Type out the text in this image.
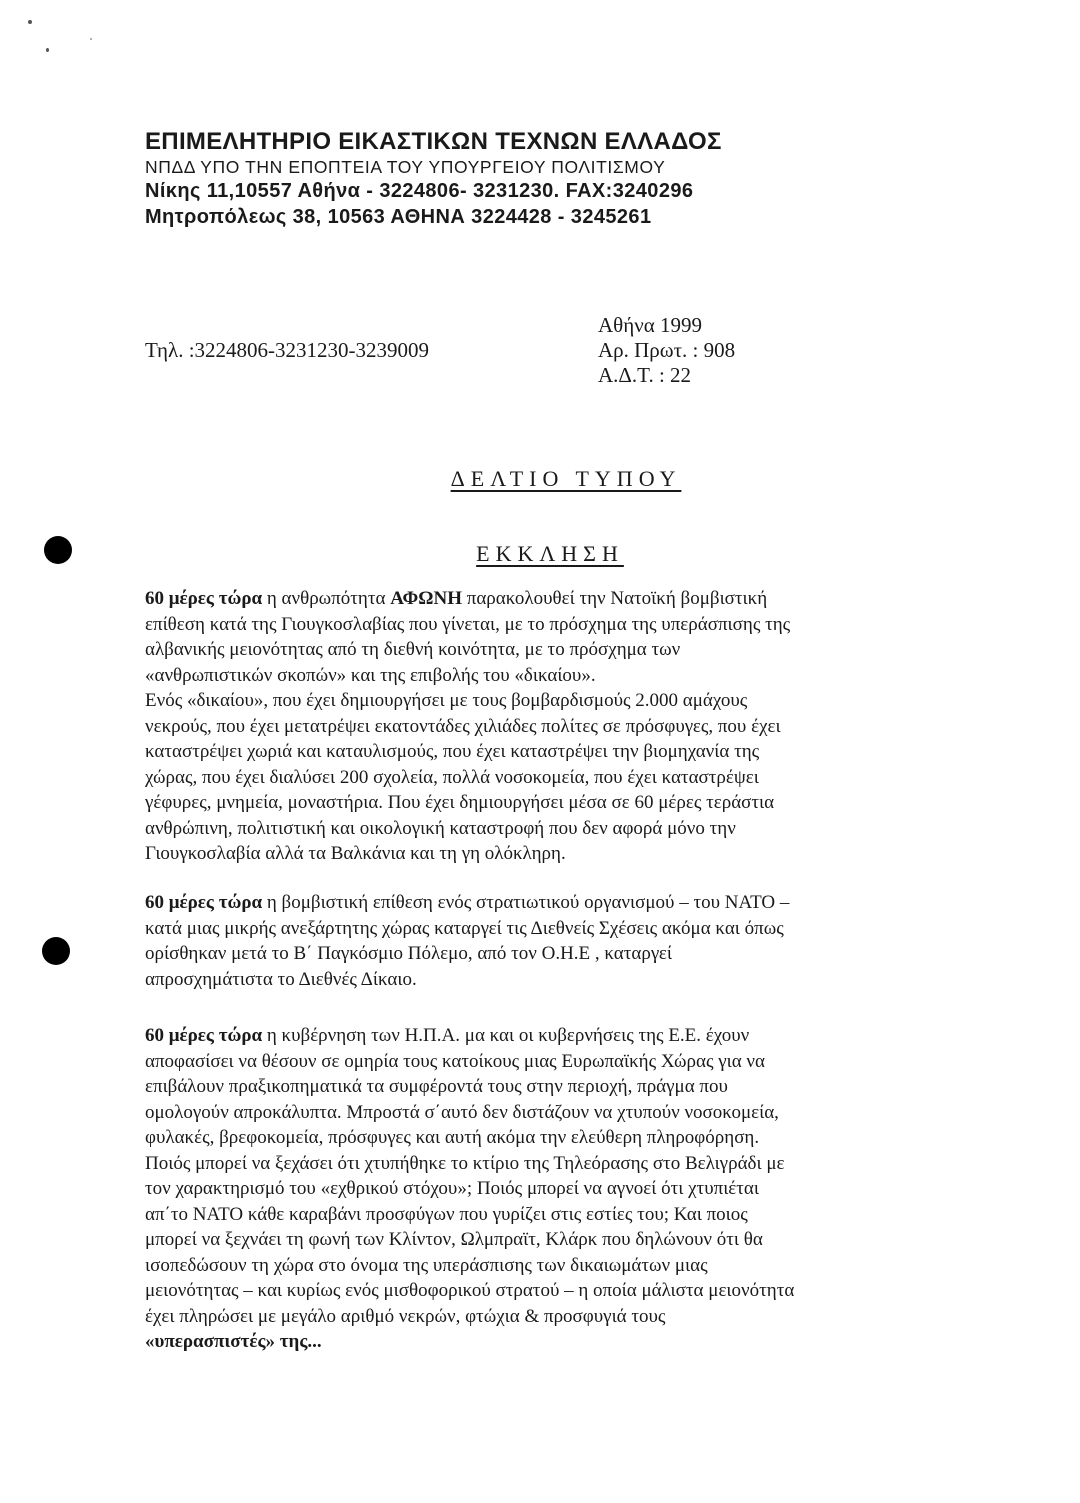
ΕΠΙΜΕΛΗΤΗΡΙΟ ΕΙΚΑΣΤΙΚΩΝ ΤΕΧΝΩΝ ΕΛΛΑΔΟΣ
ΝΠΔΔ ΥΠΟ ΤΗΝ ΕΠΟΠΤΕΙΑ ΤΟΥ ΥΠΟΥΡΓΕΙΟΥ ΠΟΛΙΤΙΣΜΟΥ
Νίκης 11,10557 Αθήνα - 3224806- 3231230. FAX:3240296
Μητροπόλεως 38, 10563 ΑΘΗΝΑ 3224428 - 3245261
Τηλ. :3224806-3231230-3239009
Αθήνα 1999
Αρ. Πρωτ. : 908
Α.Δ.Τ. : 22
ΔΕΛΤΙΟ ΤΥΠΟΥ
ΕΚΚΛΗΣΗ
60 μέρες τώρα η ανθρωπότητα ΑΦΩΝΗ παρακολουθεί την Νατοϊκή βομβιστική
επίθεση κατά της Γιουγκοσλαβίας που γίνεται, με το πρόσχημα της υπεράσπισης της
αλβανικής μειονότητας από τη διεθνή κοινότητα, με το πρόσχημα των
«ανθρωπιστικών σκοπών» και της επιβολής του «δικαίου».
Ενός «δικαίου», που έχει δημιουργήσει με τους βομβαρδισμούς 2.000 αμάχους
νεκρούς, που έχει μετατρέψει εκατοντάδες χιλιάδες πολίτες σε πρόσφυγες, που έχει
καταστρέψει χωριά και καταυλισμούς, που έχει καταστρέψει την βιομηχανία της
χώρας, που έχει διαλύσει 200 σχολεία, πολλά νοσοκομεία, που έχει καταστρέψει
γέφυρες, μνημεία, μοναστήρια. Που έχει δημιουργήσει μέσα σε 60 μέρες τεράστια
ανθρώπινη, πολιτιστική και οικολογική καταστροφή που δεν αφορά μόνο την
Γιουγκοσλαβία αλλά τα Βαλκάνια και τη γη ολόκληρη.
60 μέρες τώρα η βομβιστική επίθεση ενός στρατιωτικού οργανισμού – του ΝΑΤΟ –
κατά μιας μικρής ανεξάρτητης χώρας καταργεί τις Διεθνείς Σχέσεις ακόμα και όπως
ορίσθηκαν μετά το Β΄ Παγκόσμιο Πόλεμο, από τον Ο.Η.Ε , καταργεί
απροσχημάτιστα το Διεθνές Δίκαιο.
60 μέρες τώρα η κυβέρνηση των Η.Π.Α. μα και οι κυβερνήσεις της Ε.Ε. έχουν
αποφασίσει να θέσουν σε ομηρία τους κατοίκους μιας Ευρωπαϊκής Χώρας για να
επιβάλουν πραξικοπηματικά τα συμφέροντά τους στην περιοχή, πράγμα που
ομολογούν απροκάλυπτα. Μπροστά σ΄αυτό δεν διστάζουν να χτυπούν νοσοκομεία,
φυλακές, βρεφοκομεία, πρόσφυγες και αυτή ακόμα την ελεύθερη πληροφόρηση.
Ποιός μπορεί να ξεχάσει ότι χτυπήθηκε το κτίριο της Τηλεόρασης στο Βελιγράδι με
τον χαρακτηρισμό του «εχθρικού στόχου»; Ποιός μπορεί να αγνοεί ότι χτυπιέται
απ΄το ΝΑΤΟ κάθε καραβάνι προσφύγων που γυρίζει στις εστίες του; Και ποιος
μπορεί να ξεχνάει τη φωνή των Κλίντον, Ωλμπραϊτ, Κλάρκ που δηλώνουν ότι θα
ισοπεδώσουν τη χώρα στο όνομα της υπεράσπισης των δικαιωμάτων μιας
μειονότητας – και κυρίως ενός μισθοφορικού στρατού – η οποία μάλιστα μειονότητα
έχει πληρώσει με μεγάλο αριθμό νεκρών, φτώχια & προσφυγιά τους
«υπερασπιστές» της...
